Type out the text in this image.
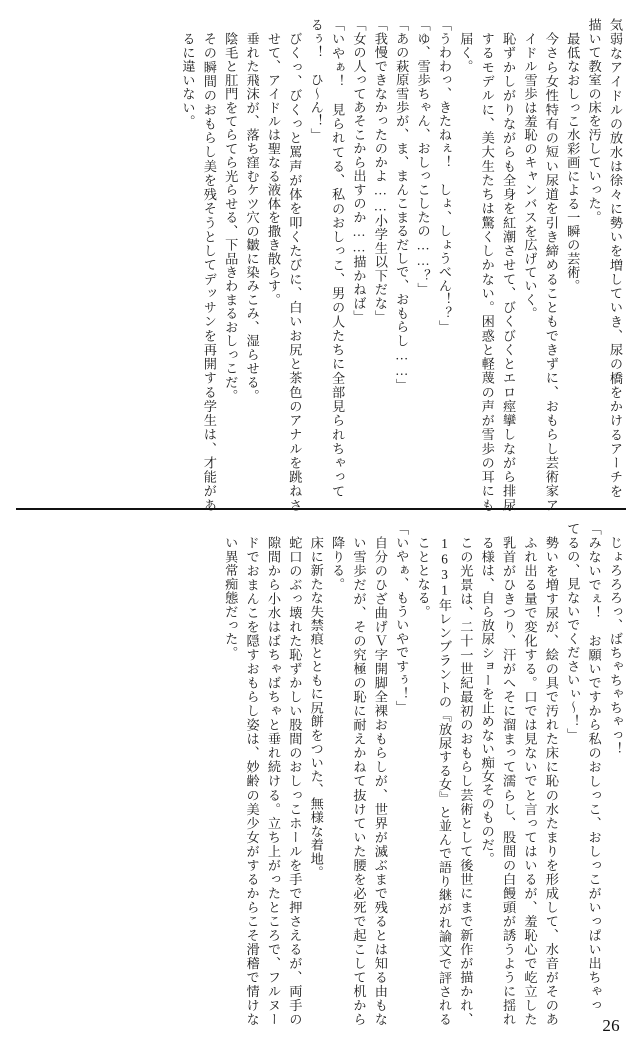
気弱なアイドルの放水は徐々に勢いを増していき、尿の橋をかけるアーチを描いて教室の床を汚していった。
最低なおしっこ水彩画による一瞬の芸術。
今さら女性特有の短い尿道を引き締めることもできずに、おもらし芸術家アイドル雪歩は羞恥のキャンバスを広げていく。
恥ずかしがりながらも全身を紅潮させて、びくびくとエロ痙攣しながら排尿するモデルに、美大生たちは驚くしかない。困惑と軽蔑の声が雪歩の耳にも届く。
「うわわっ、きたねぇ！　しょ、しょうべん！？」
「ゆ、雪歩ちゃん、おしっこしたの……？」
「あの萩原雪歩が、ま、まんこまるだしで、おもらし……」
「我慢できなかったのかよ……小学生以下だな」
「女の人ってあそこから出すのか……描かねば」
「いやぁ！　見られてる、私のおしっこ、男の人たちに全部見られちゃってるぅ！　ひ～ん！」
びくっ、びくっと罵声が体を叩くたびに、白いお尻と茶色のアナルを跳ねさせて、アイドルは聖なる液体を撒き散らす。
垂れた飛沫が、落ち窪むケツ穴の皺に染みこみ、湿らせる。
陰毛と肛門をてらてら光らせる、下品きわまるおしっこだ。
その瞬間のおもらし美を残そうとしてデッサンを再開する学生は、才能があるに違いない。
じょろろろっ、ばちゃちゃちゃっ！
「みないでぇ！　お願いですから私のおしっこ、おしっこがいっぱい出ちゃってるの、見ないでくださいぃ～！」
勢いを増す尿が、絵の具で汚れた床に恥の水たまりを形成して、水音がそのあふれ出る量で変化する。口では見ないでと言ってはいるが、羞恥心で屹立した乳首がひきつり、汗がへそに溜まって濡らし、股間の白饅頭が誘うように揺れる様は、自ら放尿ショーを止めない痴女そのものだ。
この光景は、二十一世紀最初のおもらし芸術として後世にまで新作が描かれ、1631年レンブラントの『放尿する女』と並んで語り継がれ論文で評されることとなる。
「いやぁ、もういやですぅ！」
自分のひざ曲げＶ字開脚全裸おもらしが、世界が滅ぶまで残るとは知る由もない雪歩だが、その究極の恥に耐えかねて抜けていた腰を必死で起こして机から降りる。
床に新たな失禁痕とともに尻餅をついた、無様な着地。
蛇口のぶっ壊れた恥ずかしい股間のおしっこホールを手で押さえるが、両手の隙間から小水はばちゃばちゃと垂れ続ける。立ち上がったところで、フルヌードでおまんこを隠すおもらし姿は、妙齢の美少女がするからこそ滑稽で情けない異常痴態だった。
26
